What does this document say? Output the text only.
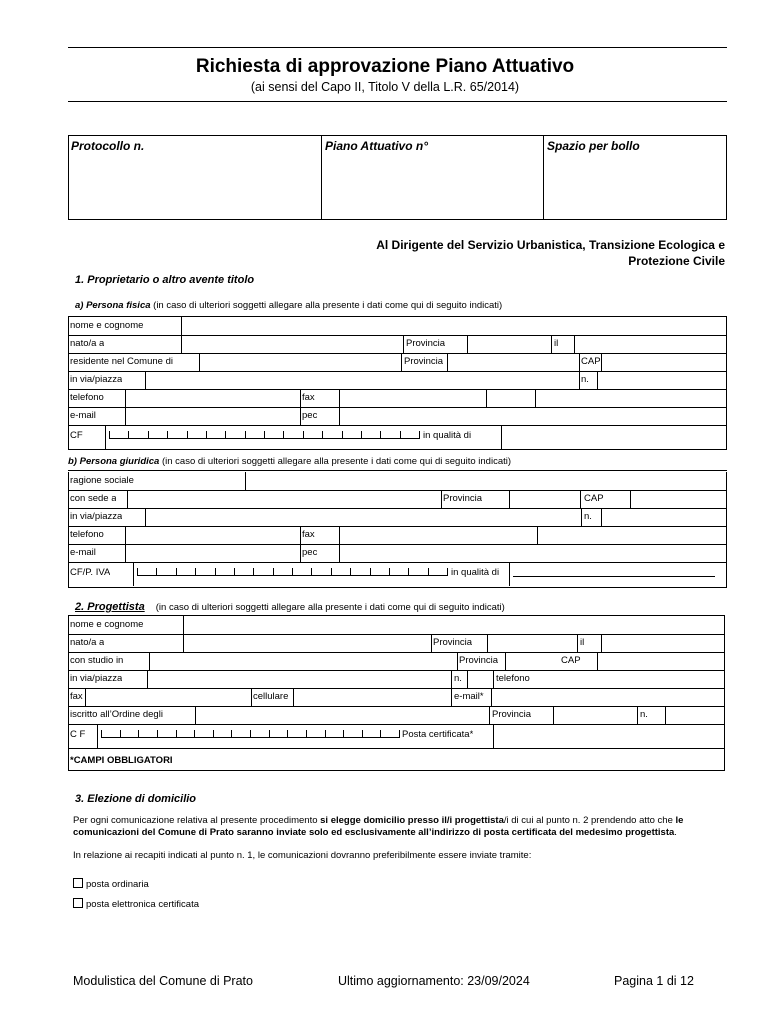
Richiesta di approvazione Piano Attuativo
(ai sensi del Capo II, Titolo V della L.R. 65/2014)
Protocollo n.	Piano Attuativo n°	Spazio per bollo
Al Dirigente del Servizio Urbanistica, Transizione Ecologica e
Protezione Civile
1. Proprietario o altro avente titolo
a) Persona fisica (in caso di ulteriori soggetti allegare alla presente i dati come qui di seguito indicati)
nome e cognome
nato/a a	Provincia	il
residente nel Comune di	Provincia	CAP
in via/piazza	n.
telefono	fax
e-mail	pec
CF	in qualità di
b) Persona giuridica (in caso di ulteriori soggetti allegare alla presente i dati come qui di seguito indicati)
ragione sociale
con sede a	Provincia	CAP
in via/piazza	n.
telefono	fax
e-mail	pec
CF/P. IVA	in qualità di
2. Progettista (in caso di ulteriori soggetti allegare alla presente i dati come qui di seguito indicati)
nome e cognome
nato/a a	Provincia	il
con studio in	Provincia	CAP
in via/piazza	n.	telefono
fax	cellulare	e-mail*
iscritto all’Ordine degli	Provincia	n.
C F	Posta certificata*
*CAMPI OBBLIGATORI
3. Elezione di domicilio
Per ogni comunicazione relativa al presente procedimento si elegge domicilio presso il/i progettista/i di cui al punto n. 2 prendendo atto che le comunicazioni del Comune di Prato saranno inviate solo ed esclusivamente all’indirizzo di posta certificata del medesimo progettista.
In relazione ai recapiti indicati al punto n. 1, le comunicazioni dovranno preferibilmente essere inviate tramite:
posta ordinaria
posta elettronica certificata
Modulistica del Comune di Prato	Ultimo aggiornamento: 23/09/2024	Pagina 1 di 12
